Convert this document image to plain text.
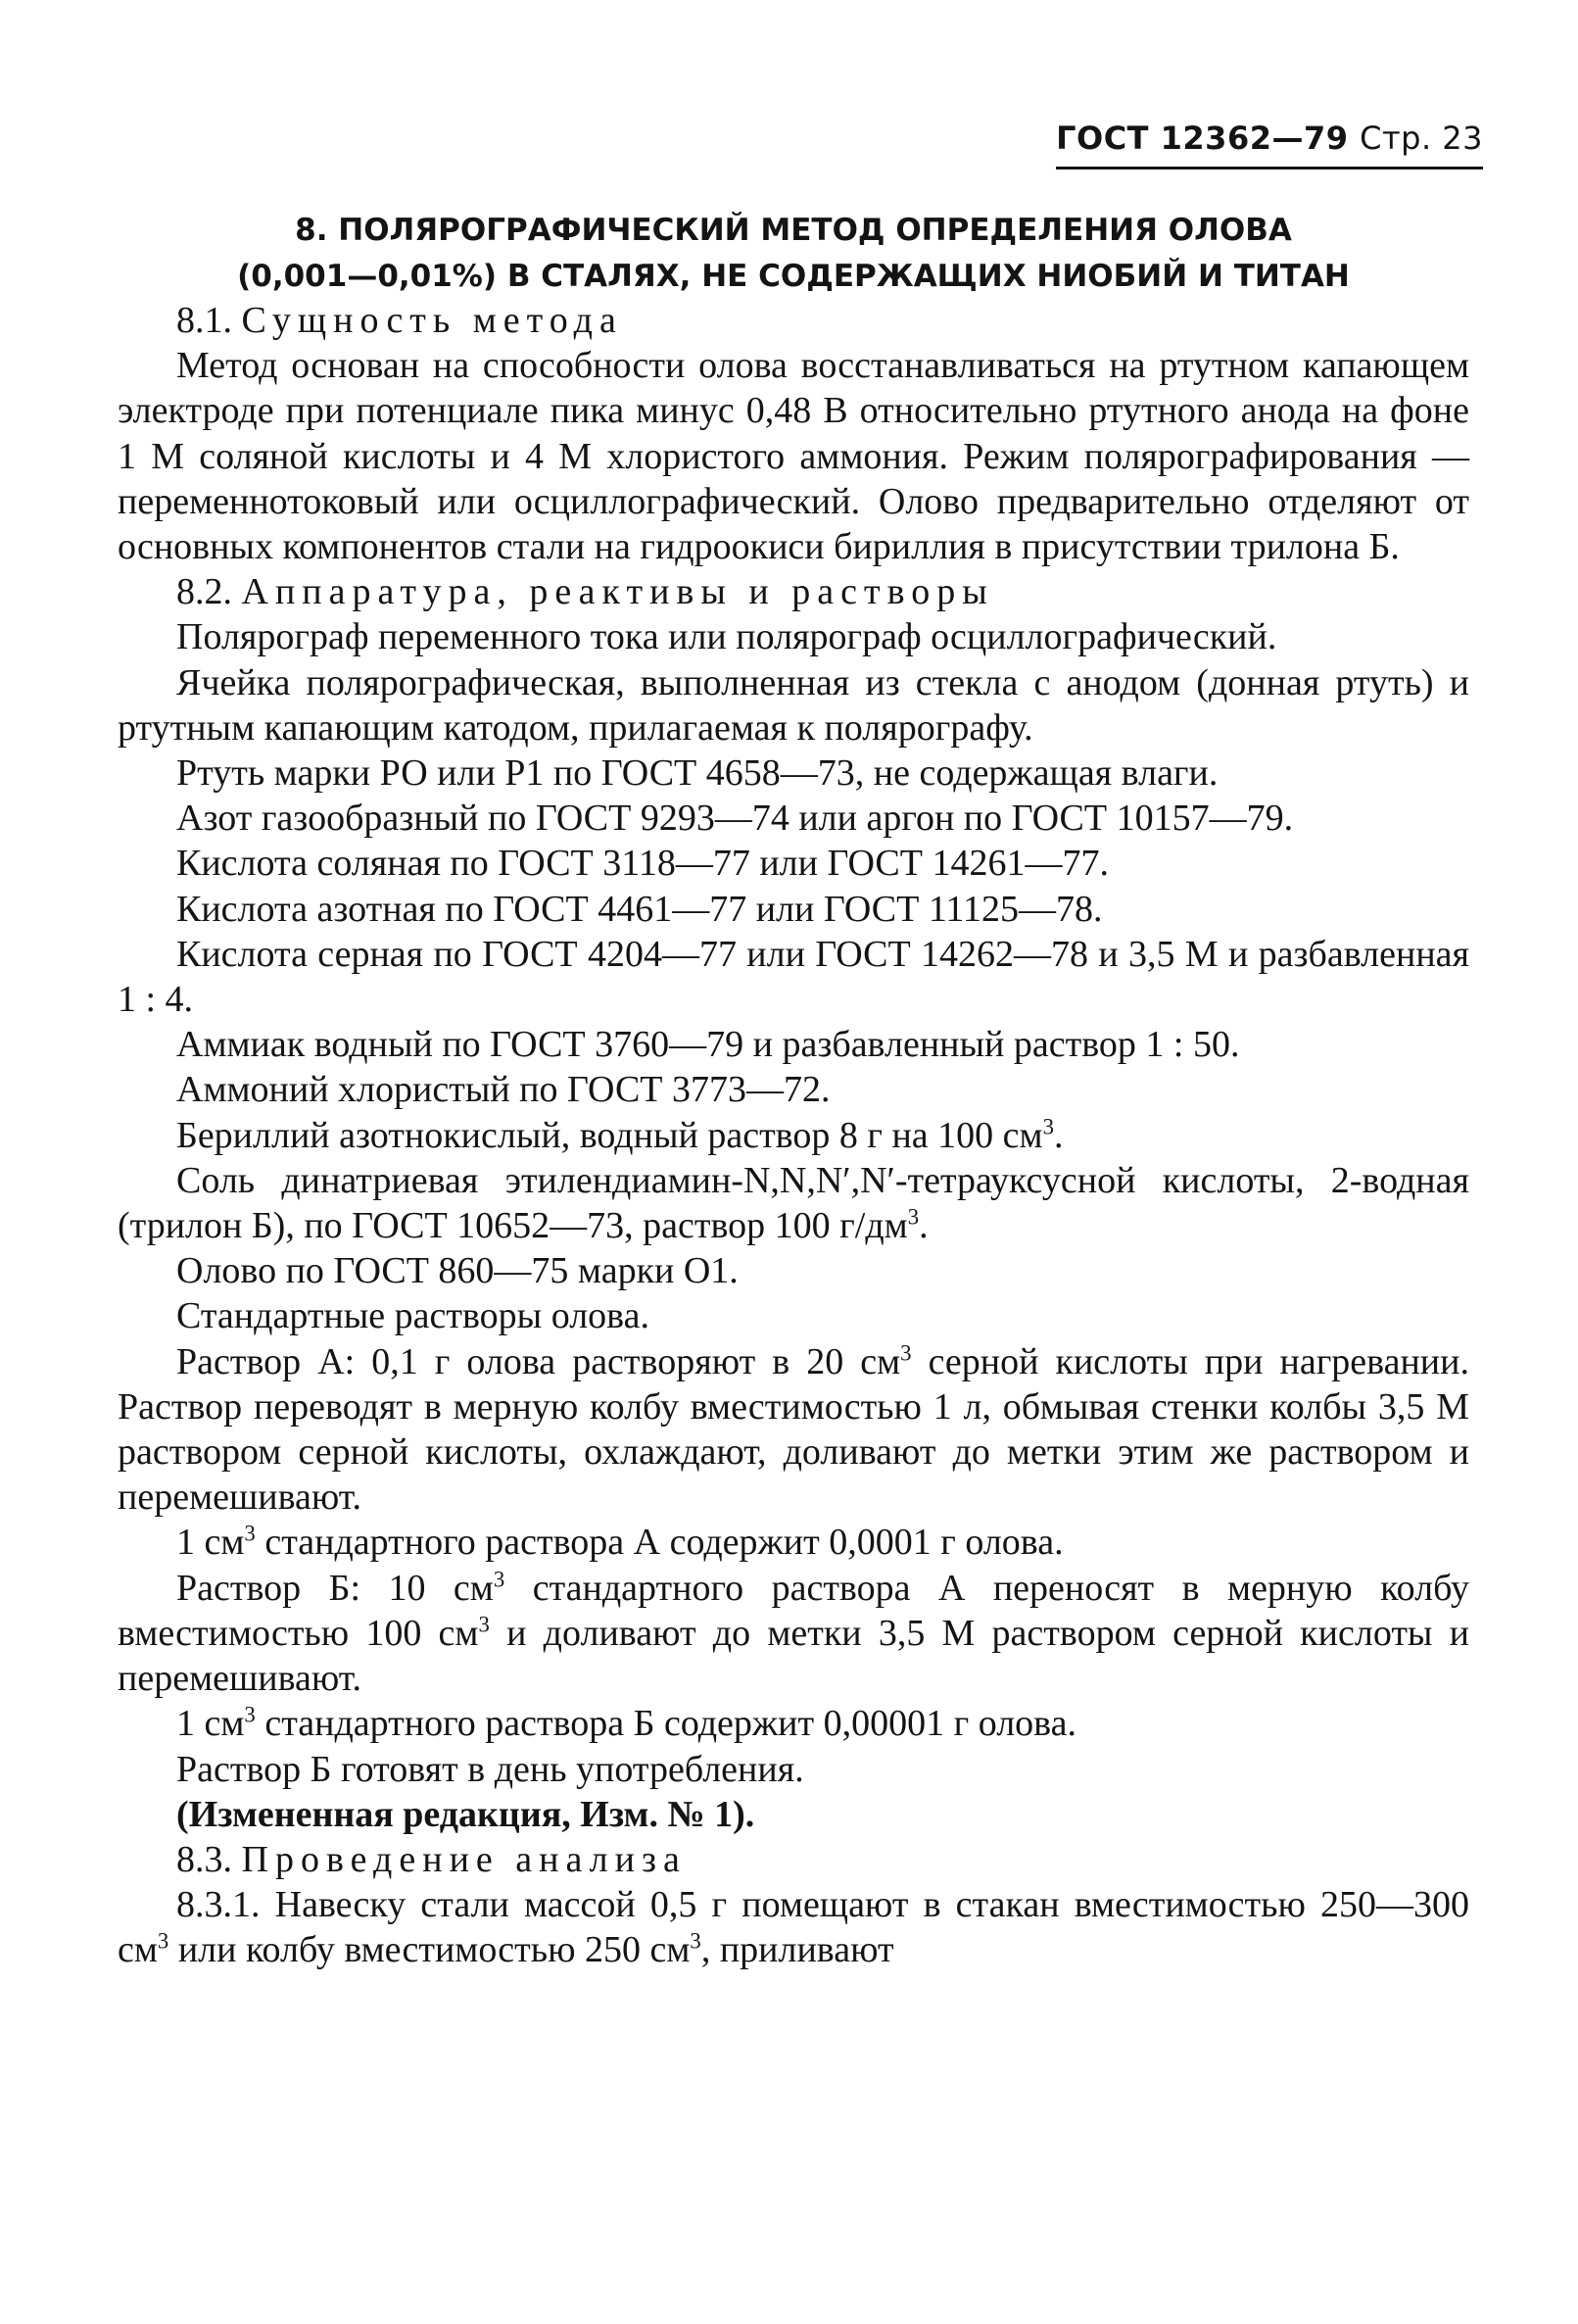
ГОСТ 12362—79 Стр. 23
8. ПОЛЯРОГРАФИЧЕСКИЙ МЕТОД ОПРЕДЕЛЕНИЯ ОЛОВА
(0,001—0,01%) В СТАЛЯХ, НЕ СОДЕРЖАЩИХ НИОБИЙ И ТИТАН

8.1. Сущность метода

Метод основан на способности олова восстанавливаться на ртутном капающем электроде при потенциале пика минус 0,48 В относительно ртутного анода на фоне 1 М соляной кислоты и 4 М хлористого аммония. Режим полярографирования — переменнотоковый или осциллографический. Олово предварительно отделяют от основных компонентов стали на гидроокиси бириллия в присутствии трилона Б.

8.2. Аппаратура, реактивы и растворы

Полярограф переменного тока или полярограф осциллографический.

Ячейка полярографическая, выполненная из стекла с анодом (донная ртуть) и ртутным капающим катодом, прилагаемая к полярографу.

Ртуть марки РО или Р1 по ГОСТ 4658—73, не содержащая влаги.

Азот газообразный по ГОСТ 9293—74 или аргон по ГОСТ 10157—79.

Кислота соляная по ГОСТ 3118—77 или ГОСТ 14261—77.

Кислота азотная по ГОСТ 4461—77 или ГОСТ 11125—78.

Кислота серная по ГОСТ 4204—77 или ГОСТ 14262—78 и 3,5 М и разбавленная 1 : 4.

Аммиак водный по ГОСТ 3760—79 и разбавленный раствор 1 : 50.

Аммоний хлористый по ГОСТ 3773—72.

Бериллий азотнокислый, водный раствор 8 г на 100 $см^3$.

Соль динатриевая этилендиамин-N,N,N′,N′-тетрауксусной кислоты, 2-водная (трилон Б), по ГОСТ 10652—73, раствор 100 $г/дм^3$.

Олово по ГОСТ 860—75 марки О1.

Стандартные растворы олова.

Раствор А: 0,1 г олова растворяют в 20 $см^3$ серной кислоты при нагревании. Раствор переводят в мерную колбу вместимостью 1 л, обмывая стенки колбы 3,5 М раствором серной кислоты, охлаждают, доливают до метки этим же раствором и перемешивают.

1 $см^3$ стандартного раствора А содержит 0,0001 г олова.

Раствор Б: 10 $см^3$ стандартного раствора А переносят в мерную колбу вместимостью 100 $см^3$ и доливают до метки 3,5 М раствором серной кислоты и перемешивают.

1 $см^3$ стандартного раствора Б содержит 0,00001 г олова.

Раствор Б готовят в день употребления.

(Измененная редакция, Изм. № 1).

8.3. Проведение анализа

8.3.1. Навеску стали массой 0,5 г помещают в стакан вместимостью 250—300 $см^3$ или колбу вместимостью 250 $см^3$, приливают
